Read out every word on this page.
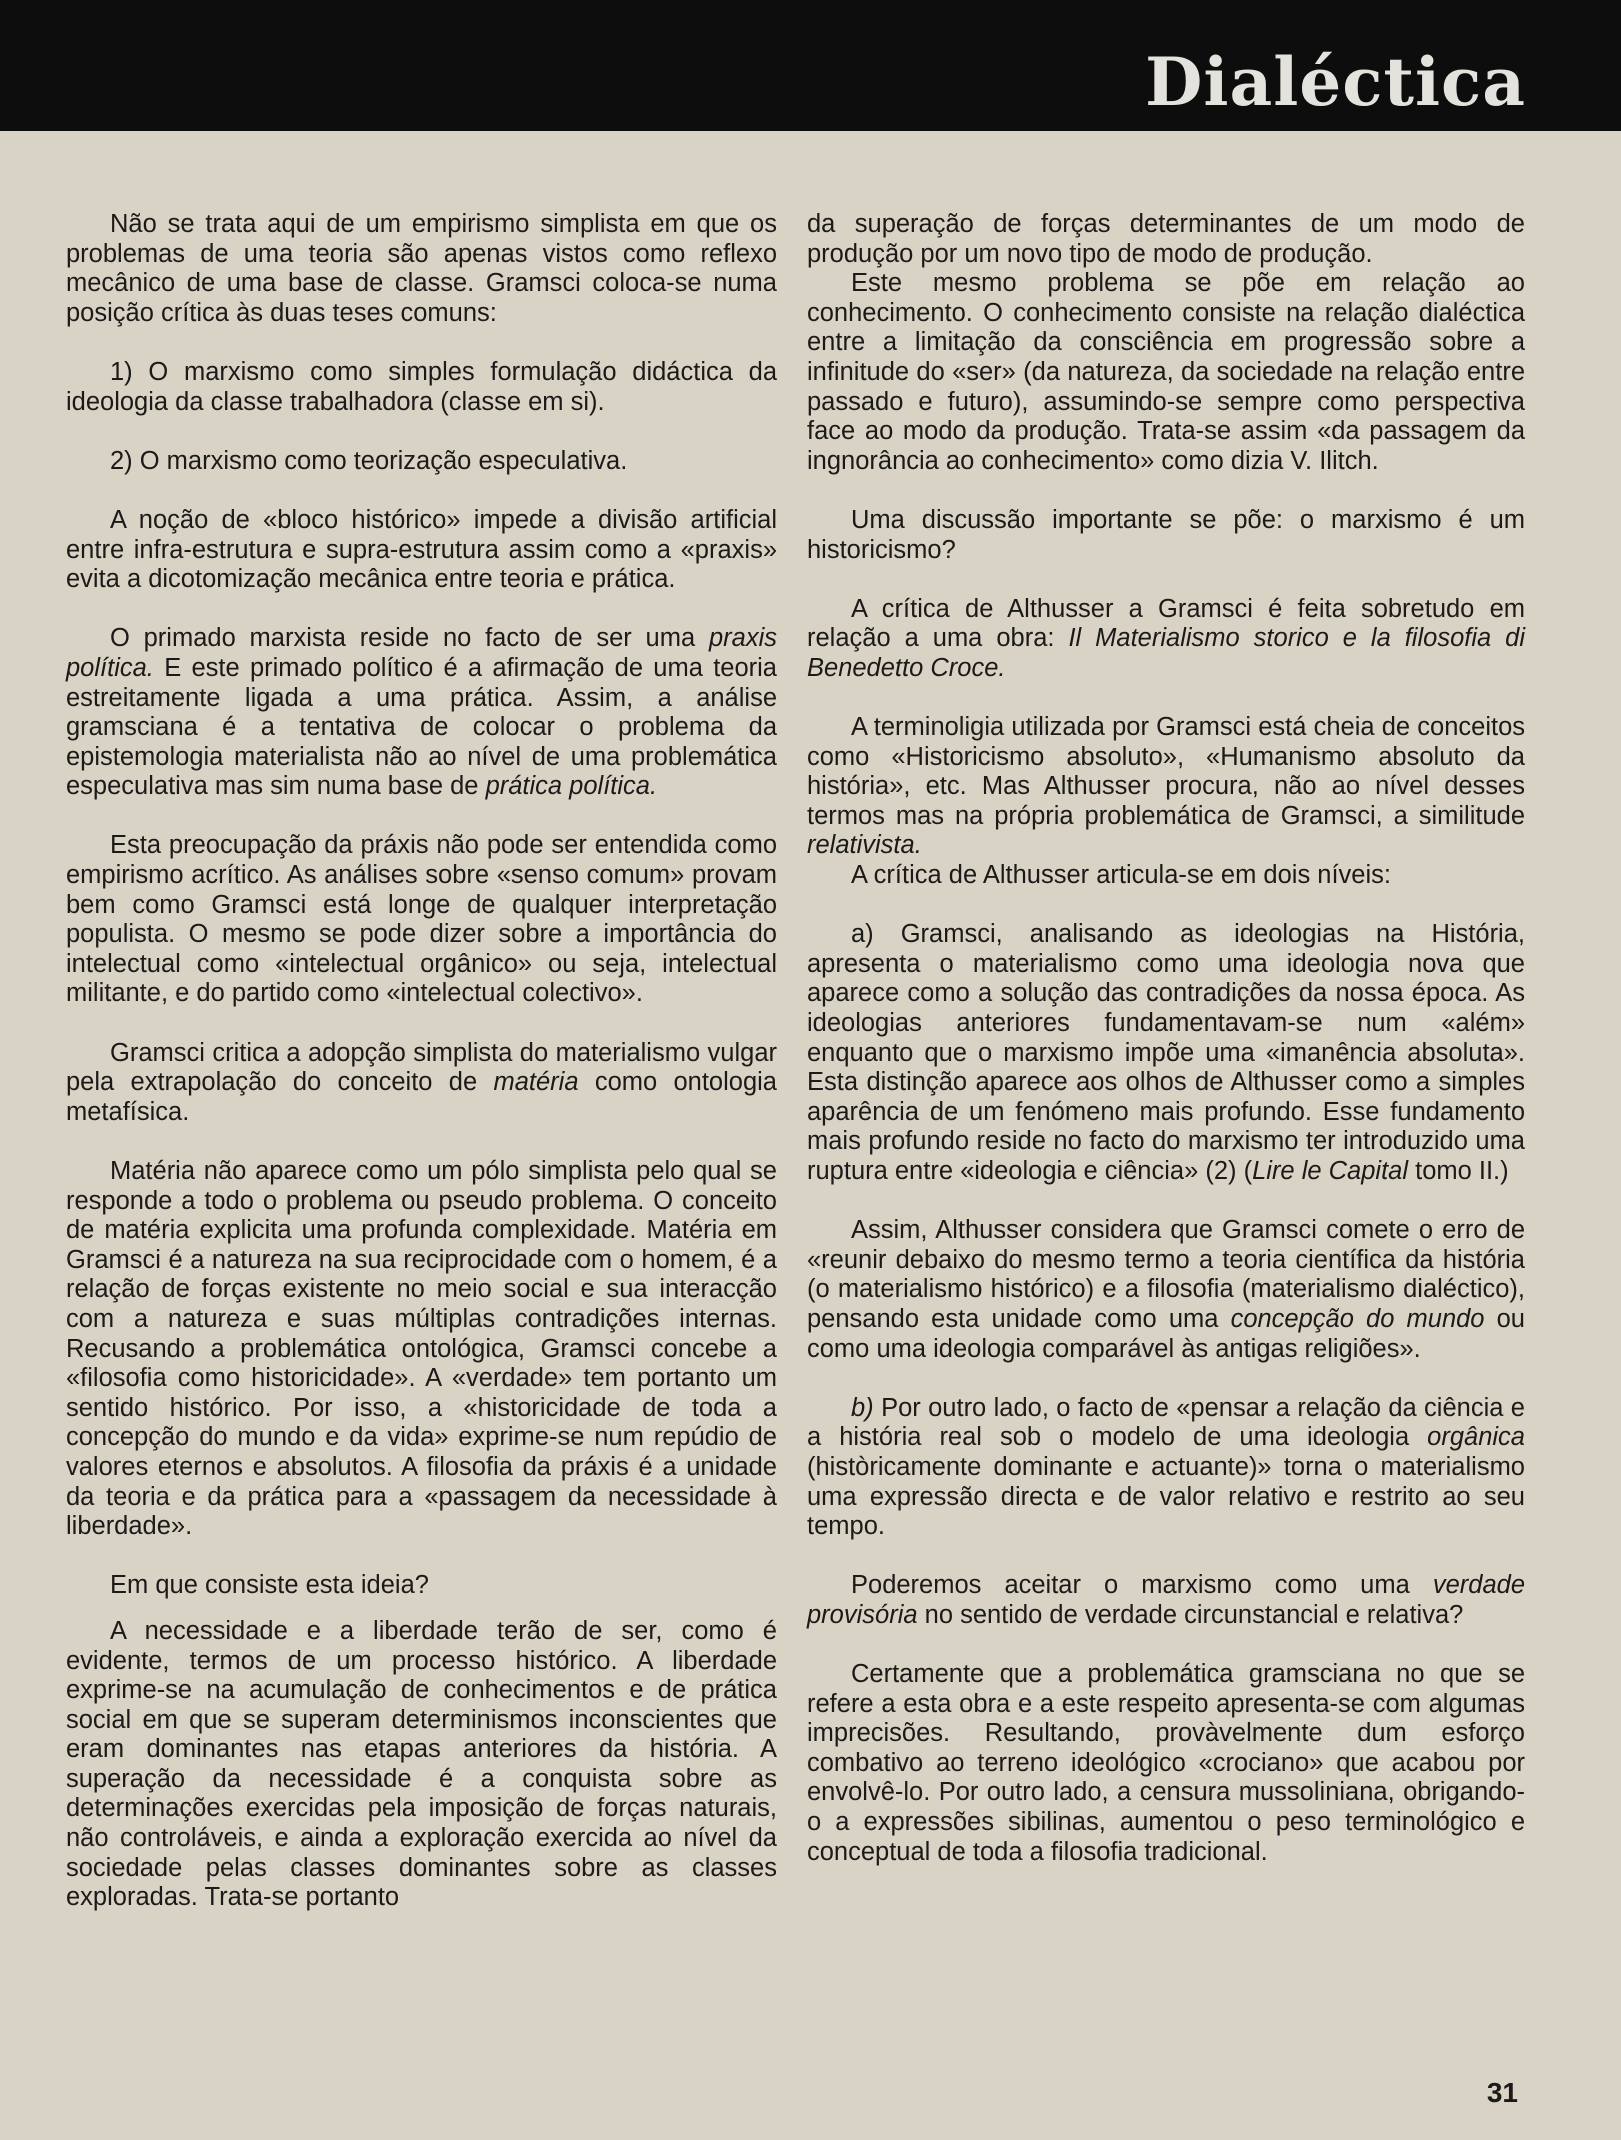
Dialéctica

Não se trata aqui de um empirismo simplista em que os problemas de uma teoria são apenas vistos como reflexo mecânico de uma base de classe. Gramsci coloca-se numa posição crítica às duas teses comuns:

1) O marxismo como simples formulação didáctica da ideologia da classe trabalhadora (classe em si).

2) O marxismo como teorização especulativa.

A noção de «bloco histórico» impede a divisão artificial entre infra-estrutura e supra-estrutura assim como a «praxis» evita a dicotomização mecânica entre teoria e prática.

O primado marxista reside no facto de ser uma praxis política. E este primado político é a afirmação de uma teoria estreitamente ligada a uma prática. Assim, a análise gramsciana é a tentativa de colocar o problema da epistemologia materialista não ao nível de uma problemática especulativa mas sim numa base de prática política.

Esta preocupação da práxis não pode ser entendida como empirismo acrítico. As análises sobre «senso comum» provam bem como Gramsci está longe de qualquer interpretação populista. O mesmo se pode dizer sobre a importância do intelectual como «intelectual orgânico» ou seja, intelectual militante, e do partido como «intelectual colectivo».

Gramsci critica a adopção simplista do materialismo vulgar pela extrapolação do conceito de matéria como ontologia metafísica.

Matéria não aparece como um pólo simplista pelo qual se responde a todo o problema ou pseudo problema. O conceito de matéria explicita uma profunda complexidade. Matéria em Gramsci é a natureza na sua reciprocidade com o homem, é a relação de forças existente no meio social e sua interacção com a natureza e suas múltiplas contradições internas. Recusando a problemática ontológica, Gramsci concebe a «filosofia como historicidade». A «verdade» tem portanto um sentido histórico. Por isso, a «historicidade de toda a concepção do mundo e da vida» exprime-se num repúdio de valores eternos e absolutos. A filosofia da práxis é a unidade da teoria e da prática para a «passagem da necessidade à liberdade».

Em que consiste esta ideia?

A necessidade e a liberdade terão de ser, como é evidente, termos de um processo histórico. A liberdade exprime-se na acumulação de conhecimentos e de prática social em que se superam determinismos inconscientes que eram dominantes nas etapas anteriores da história. A superação da necessidade é a conquista sobre as determinações exercidas pela imposição de forças naturais, não controláveis, e ainda a exploração exercida ao nível da sociedade pelas classes dominantes sobre as classes exploradas. Trata-se portanto

da superação de forças determinantes de um modo de produção por um novo tipo de modo de produção.

Este mesmo problema se põe em relação ao conhecimento. O conhecimento consiste na relação dialéctica entre a limitação da consciência em progressão sobre a infinitude do «ser» (da natureza, da sociedade na relação entre passado e futuro), assumindo-se sempre como perspectiva face ao modo da produção. Trata-se assim «da passagem da ingnorância ao conhecimento» como dizia V. Ilitch.

Uma discussão importante se põe: o marxismo é um historicismo?

A crítica de Althusser a Gramsci é feita sobretudo em relação a uma obra: Il Materialismo storico e la filosofia di Benedetto Croce.

A terminoligia utilizada por Gramsci está cheia de conceitos como «Historicismo absoluto», «Humanismo absoluto da história», etc. Mas Althusser procura, não ao nível desses termos mas na própria problemática de Gramsci, a similitude relativista.

A crítica de Althusser articula-se em dois níveis:

a) Gramsci, analisando as ideologias na História, apresenta o materialismo como uma ideologia nova que aparece como a solução das contradições da nossa época. As ideologias anteriores fundamentavam-se num «além» enquanto que o marxismo impõe uma «imanência absoluta». Esta distinção aparece aos olhos de Althusser como a simples aparência de um fenómeno mais profundo. Esse fundamento mais profundo reside no facto do marxismo ter introduzido uma ruptura entre «ideologia e ciência» (2) (Lire le Capital tomo II.)

Assim, Althusser considera que Gramsci comete o erro de «reunir debaixo do mesmo termo a teoria científica da história (o materialismo histórico) e a filosofia (materialismo dialéctico), pensando esta unidade como uma concepção do mundo ou como uma ideologia comparável às antigas religiões».

b) Por outro lado, o facto de «pensar a relação da ciência e a história real sob o modelo de uma ideologia orgânica (històricamente dominante e actuante)» torna o materialismo uma expressão directa e de valor relativo e restrito ao seu tempo.

Poderemos aceitar o marxismo como uma verdade provisória no sentido de verdade circunstancial e relativa?

Certamente que a problemática gramsciana no que se refere a esta obra e a este respeito apresenta-se com algumas imprecisões. Resultando, provàvelmente dum esforço combativo ao terreno ideológico «crociano» que acabou por envolvê-lo. Por outro lado, a censura mussoliniana, obrigando-o a expressões sibilinas, aumentou o peso terminológico e conceptual de toda a filosofia tradicional.

31
